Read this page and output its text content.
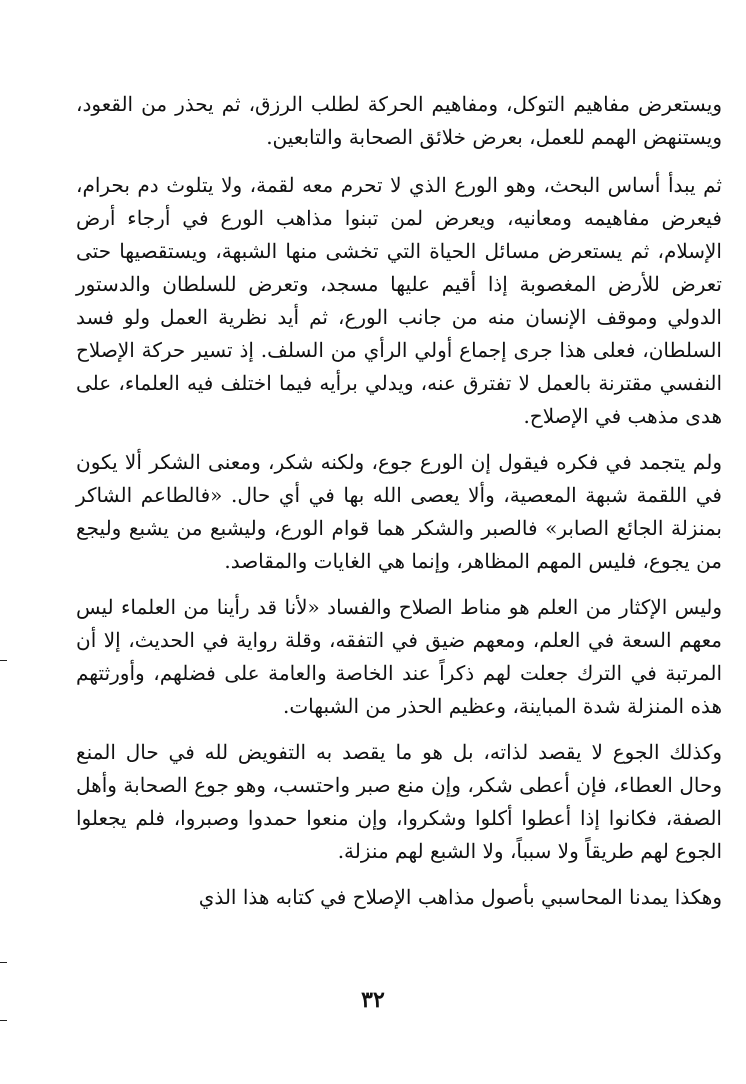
ويستعرض مفاهيم التوكل، ومفاهيم الحركة لطلب الرزق، ثم يحذر من القعود، ويستنهض الهمم للعمل، بعرض خلائق الصحابة والتابعين.

ثم يبدأ أساس البحث، وهو الورع الذي لا تحرم معه لقمة، ولا يتلوث دم بحرام، فيعرض مفاهيمه ومعانيه، ويعرض لمن تبنوا مذاهب الورع في أرجاء أرض الإسلام، ثم يستعرض مسائل الحياة التي تخشى منها الشبهة، ويستقصيها حتى تعرض للأرض المغصوبة إذا أقيم عليها مسجد، وتعرض للسلطان والدستور الدولي وموقف الإنسان منه من جانب الورع، ثم أيد نظرية العمل ولو فسد السلطان، فعلى هذا جرى إجماع أولي الرأي من السلف. إذ تسير حركة الإصلاح النفسي مقترنة بالعمل لا تفترق عنه، ويدلي برأيه فيما اختلف فيه العلماء، على هدى مذهب في الإصلاح.

ولم يتجمد في فكره فيقول إن الورع جوع، ولكنه شكر، ومعنى الشكر ألا يكون في اللقمة شبهة المعصية، وألا يعصى الله بها في أي حال. «فالطاعم الشاكر بمنزلة الجائع الصابر» فالصبر والشكر هما قوام الورع، وليشبع من يشبع وليجع من يجوع، فليس المهم المظاهر، وإنما هي الغايات والمقاصد.

وليس الإكثار من العلم هو مناط الصلاح والفساد «لأنا قد رأينا من العلماء ليس معهم السعة في العلم، ومعهم ضيق في التفقه، وقلة رواية في الحديث، إلا أن المرتبة في الترك جعلت لهم ذكراً عند الخاصة والعامة على فضلهم، وأورثتهم هذه المنزلة شدة المباينة، وعظيم الحذر من الشبهات.

وكذلك الجوع لا يقصد لذاته، بل هو ما يقصد به التفويض لله في حال المنع وحال العطاء، فإن أعطى شكر، وإن منع صبر واحتسب، وهو جوع الصحابة وأهل الصفة، فكانوا إذا أعطوا أكلوا وشكروا، وإن منعوا حمدوا وصبروا، فلم يجعلوا الجوع لهم طريقاً ولا سبباً، ولا الشبع لهم منزلة.

وهكذا يمدنا المحاسبي بأصول مذاهب الإصلاح في كتابه هذا الذي

٣٢
